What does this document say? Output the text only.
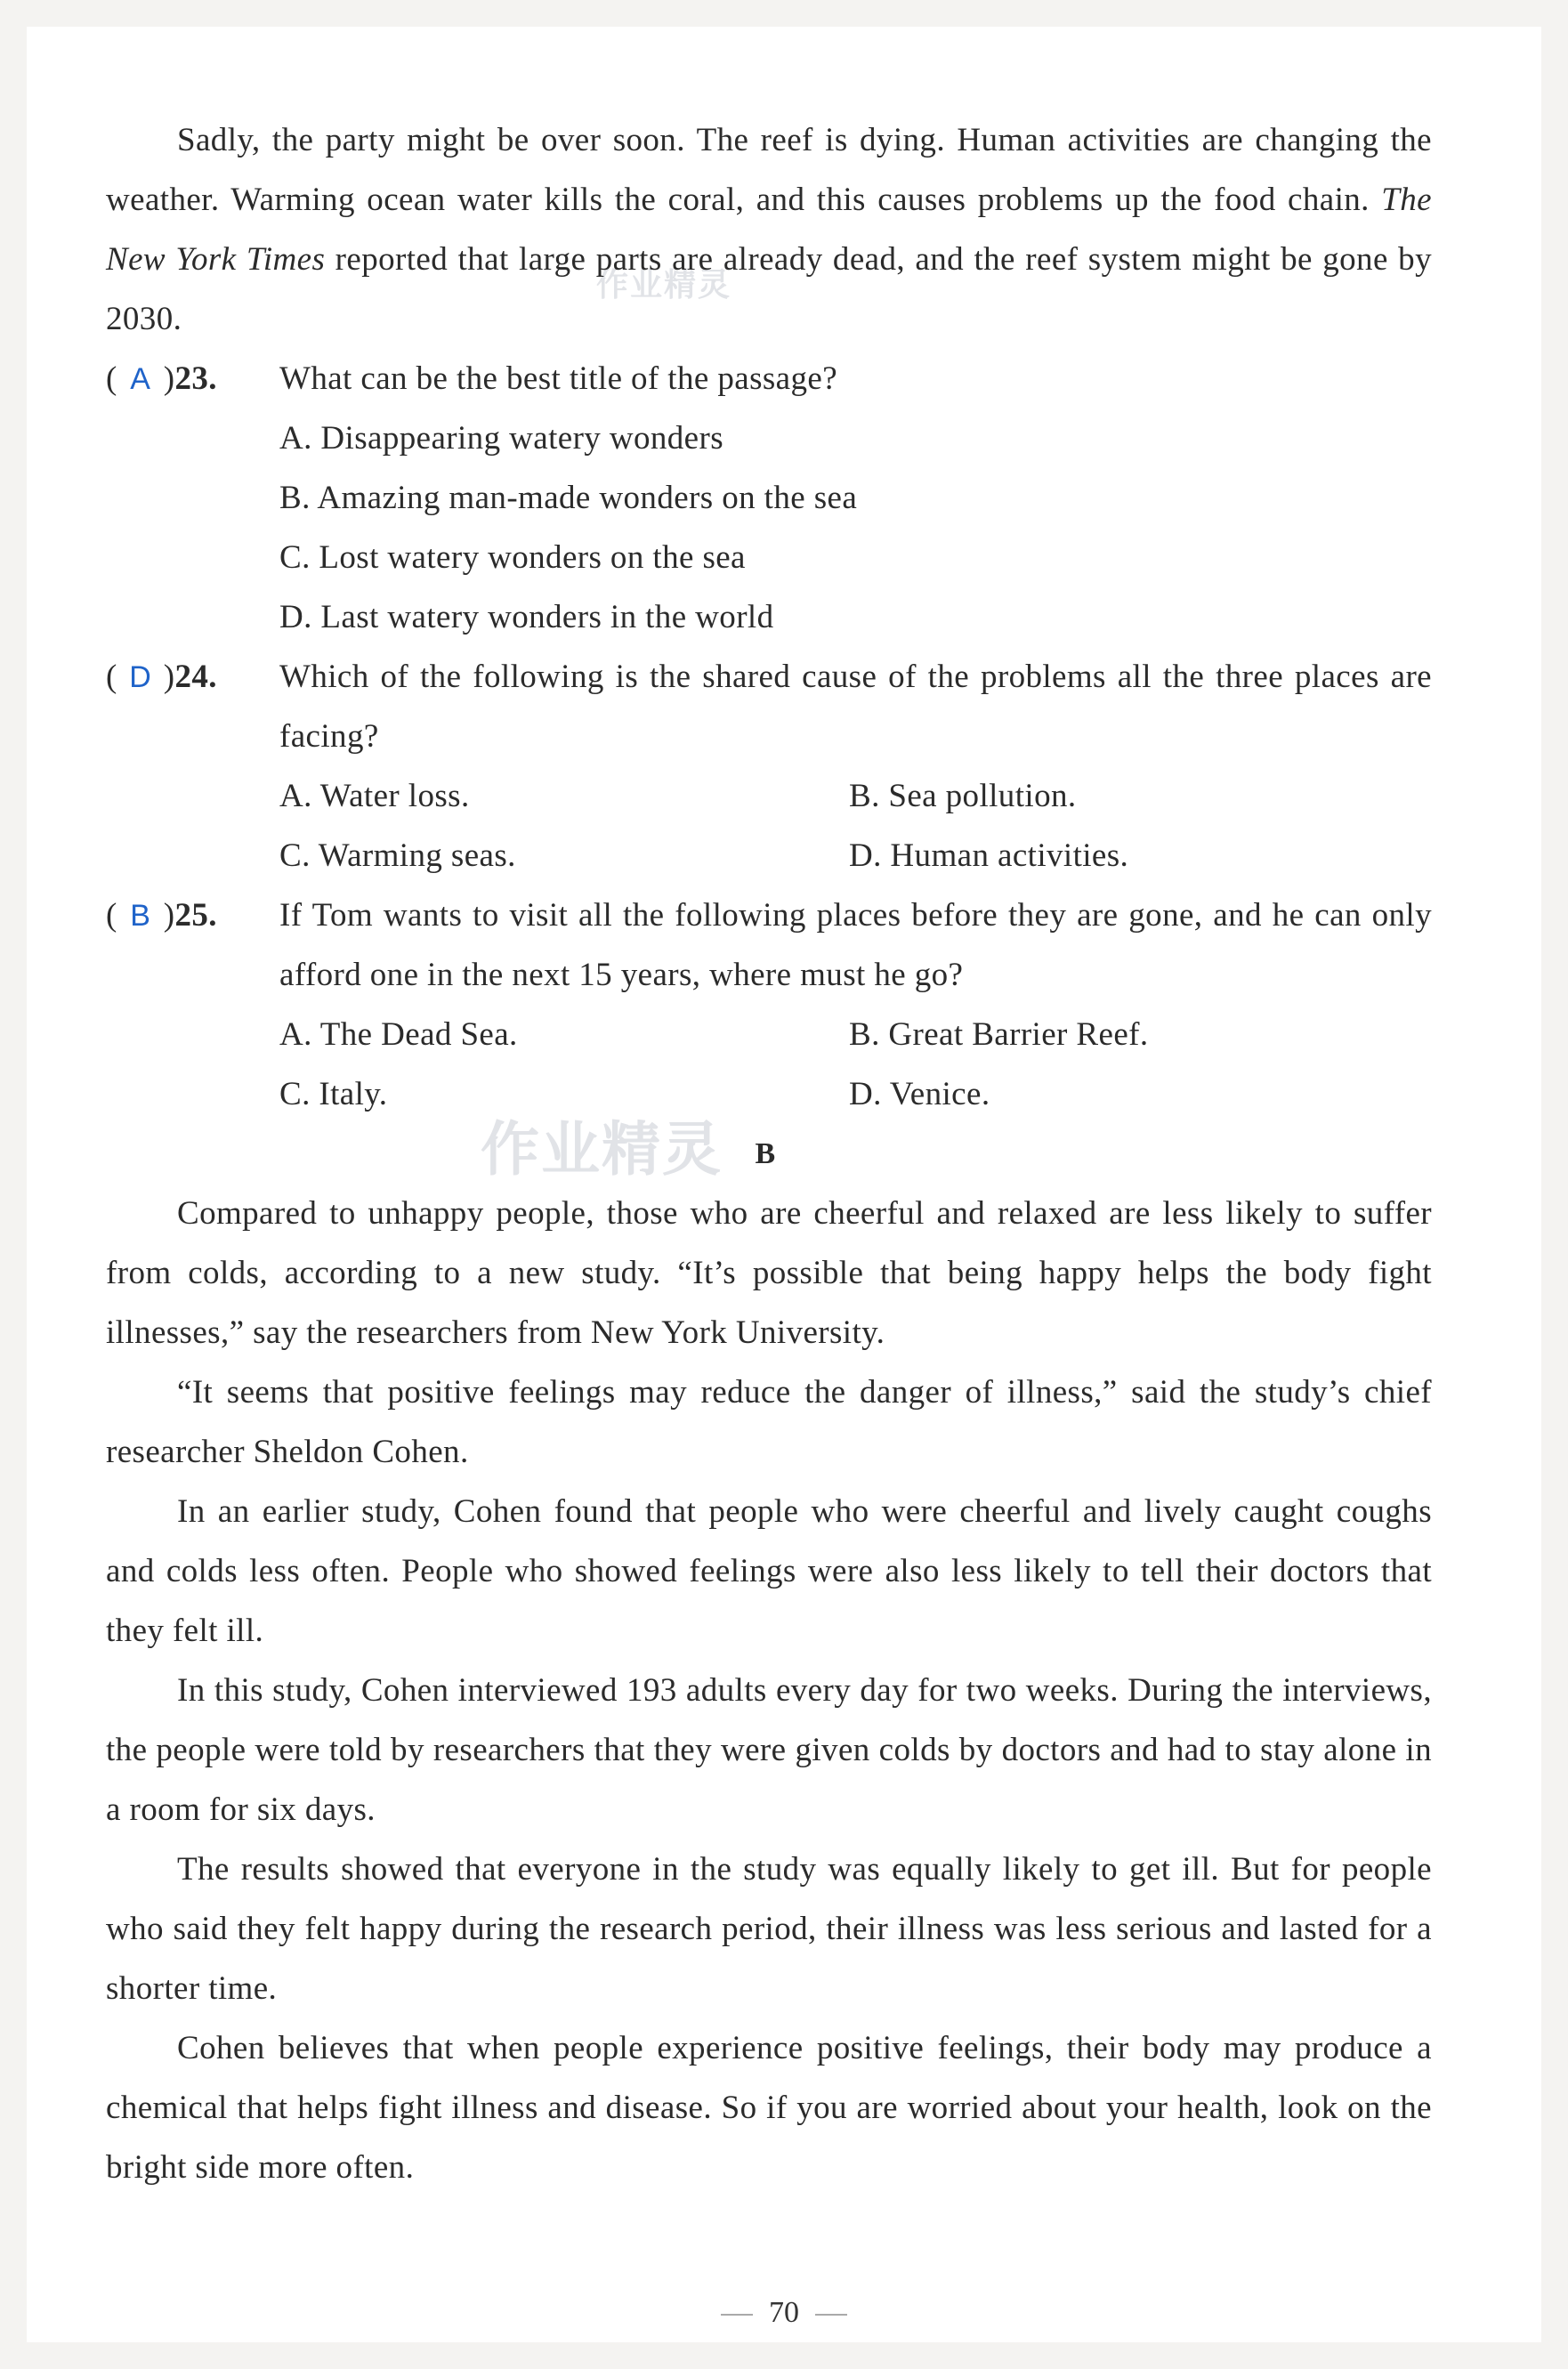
作业精灵
作业精灵

Sadly, the party might be over soon. The reef is dying. Human activities are changing the weather. Warming ocean water kills the coral, and this causes problems up the food chain. The New York Times reported that large parts are already dead, and the reef system might be gone by 2030.

( A )23.	What can be the best title of the passage?
A. Disappearing watery wonders
B. Amazing man-made wonders on the sea
C. Lost watery wonders on the sea
D. Last watery wonders in the world
( D )24.	Which of the following is the shared cause of the problems all the three places are facing?
A. Water loss.	B. Sea pollution.
C. Warming seas.	D. Human activities.
( B )25.	If Tom wants to visit all the following places before they are gone, and he can only afford one in the next 15 years, where must he go?
A. The Dead Sea.	B. Great Barrier Reef.
C. Italy.	D. Venice.
B

Compared to unhappy people, those who are cheerful and relaxed are less likely to suffer from colds, according to a new study. “It’s possible that being happy helps the body fight illnesses,” say the researchers from New York University.

“It seems that positive feelings may reduce the danger of illness,” said the study’s chief researcher Sheldon Cohen.

In an earlier study, Cohen found that people who were cheerful and lively caught coughs and colds less often. People who showed feelings were also less likely to tell their doctors that they felt ill.

In this study, Cohen interviewed 193 adults every day for two weeks. During the interviews, the people were told by researchers that they were given colds by doctors and had to stay alone in a room for six days.

The results showed that everyone in the study was equally likely to get ill. But for people who said they felt happy during the research period, their illness was less serious and lasted for a shorter time.

Cohen believes that when people experience positive feelings, their body may produce a chemical that helps fight illness and disease. So if you are worried about your health, look on the bright side more often.

70
